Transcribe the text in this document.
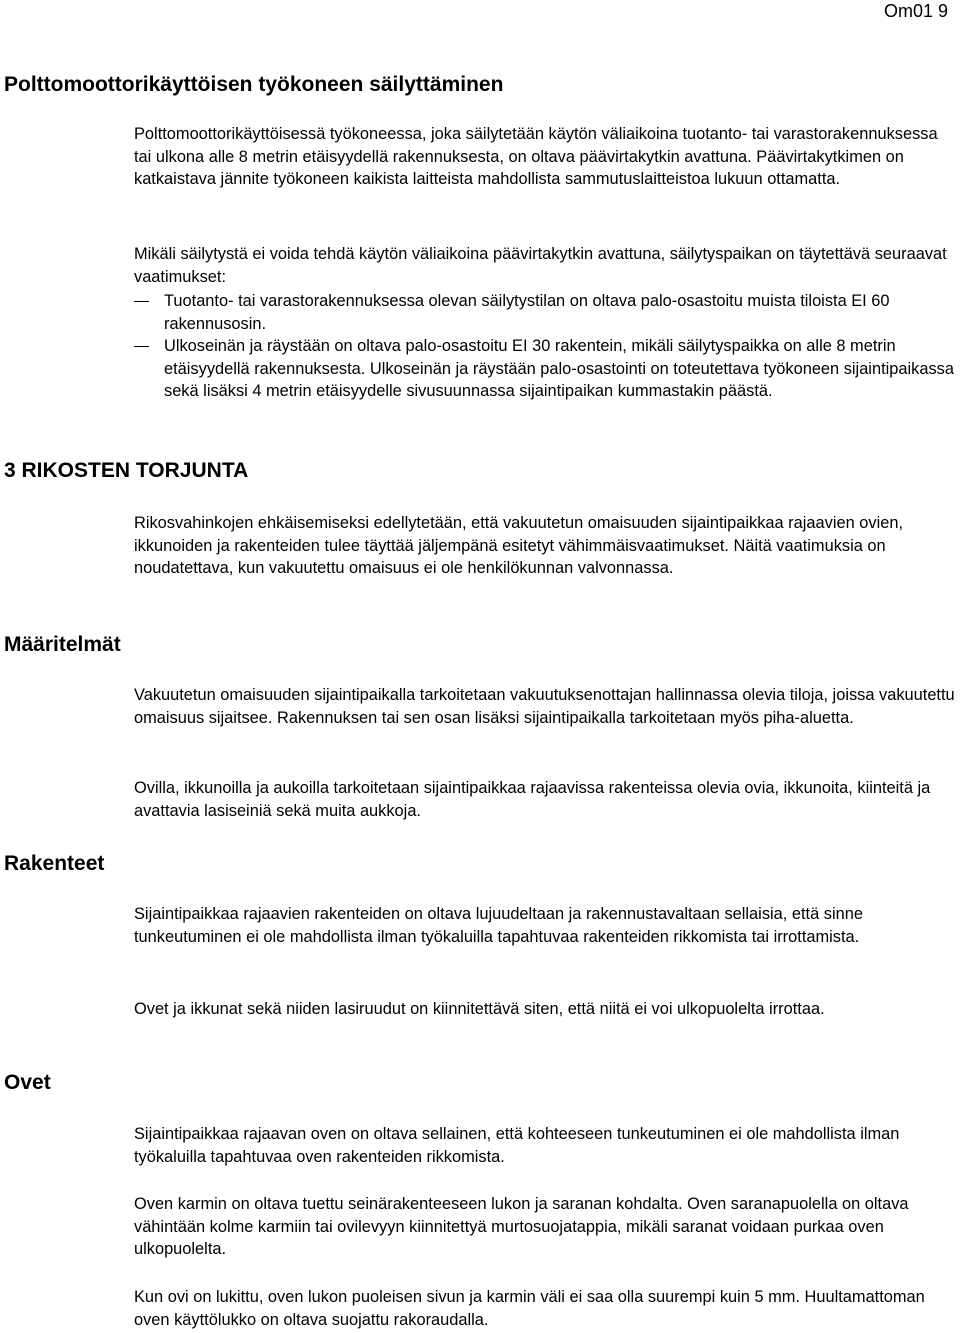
Om01 9
Polttomoottorikäyttöisen työkoneen säilyttäminen

Polttomoottorikäyttöisessä työkoneessa, joka säilytetään käytön väliaikoina tuotanto- tai varastorakennuksessa tai ulkona alle 8 metrin etäisyydellä rakennuksesta, on oltava päävirtakytkin avattuna. Päävirtakytkimen on katkaistava jännite työkoneen kaikista laitteista mahdollista sammutuslaitteistoa lukuun ottamatta.

Mikäli säilytystä ei voida tehdä käytön väliaikoina päävirtakytkin avattuna, säilytyspaikan on täytettävä seuraavat vaatimukset:

Tuotanto- tai varastorakennuksessa olevan säilytystilan on oltava palo-osastoitu muista tiloista EI 60 rakennusosin.
Ulkoseinän ja räystään on oltava palo-osastoitu EI 30 rakentein, mikäli säilytyspaikka on alle 8 metrin etäisyydellä rakennuksesta. Ulkoseinän ja räystään palo-osastointi on toteutettava työkoneen sijaintipaikassa sekä lisäksi 4 metrin etäisyydelle sivusuunnassa sijaintipaikan kummastakin päästä.
3 RIKOSTEN TORJUNTA

Rikosvahinkojen ehkäisemiseksi edellytetään, että vakuutetun omaisuuden sijaintipaikkaa rajaavien ovien, ikkunoiden ja rakenteiden tulee täyttää jäljempänä esitetyt vähimmäisvaatimukset. Näitä vaatimuksia on noudatettava, kun vakuutettu omaisuus ei ole henkilökunnan valvonnassa.

Määritelmät

Vakuutetun omaisuuden sijaintipaikalla tarkoitetaan vakuutuksenottajan hallinnassa olevia tiloja, joissa vakuutettu omaisuus sijaitsee. Rakennuksen tai sen osan lisäksi sijaintipaikalla tarkoitetaan myös piha-aluetta.

Ovilla, ikkunoilla ja aukoilla tarkoitetaan sijaintipaikkaa rajaavissa rakenteissa olevia ovia, ikkunoita, kiinteitä ja avattavia lasiseiniä sekä muita aukkoja.

Rakenteet

Sijaintipaikkaa rajaavien rakenteiden on oltava lujuudeltaan ja rakennustavaltaan sellaisia, että sinne tunkeutuminen ei ole mahdollista ilman työkaluilla tapahtuvaa rakenteiden rikkomista tai irrottamista.

Ovet ja ikkunat sekä niiden lasiruudut on kiinnitettävä siten, että niitä ei voi ulkopuolelta irrottaa.

Ovet

Sijaintipaikkaa rajaavan oven on oltava sellainen, että kohteeseen tunkeutuminen ei ole mahdollista ilman työkaluilla tapahtuvaa oven rakenteiden rikkomista.

Oven karmin on oltava tuettu seinärakenteeseen lukon ja saranan kohdalta. Oven saranapuolella on oltava vähintään kolme karmiin tai ovilevyyn kiinnitettyä murtosuojatappia, mikäli saranat voidaan purkaa oven ulkopuolelta.

Kun ovi on lukittu, oven lukon puoleisen sivun ja karmin väli ei saa olla suurempi kuin 5 mm. Huultamattoman oven käyttölukko on oltava suojattu rakoraudalla.
